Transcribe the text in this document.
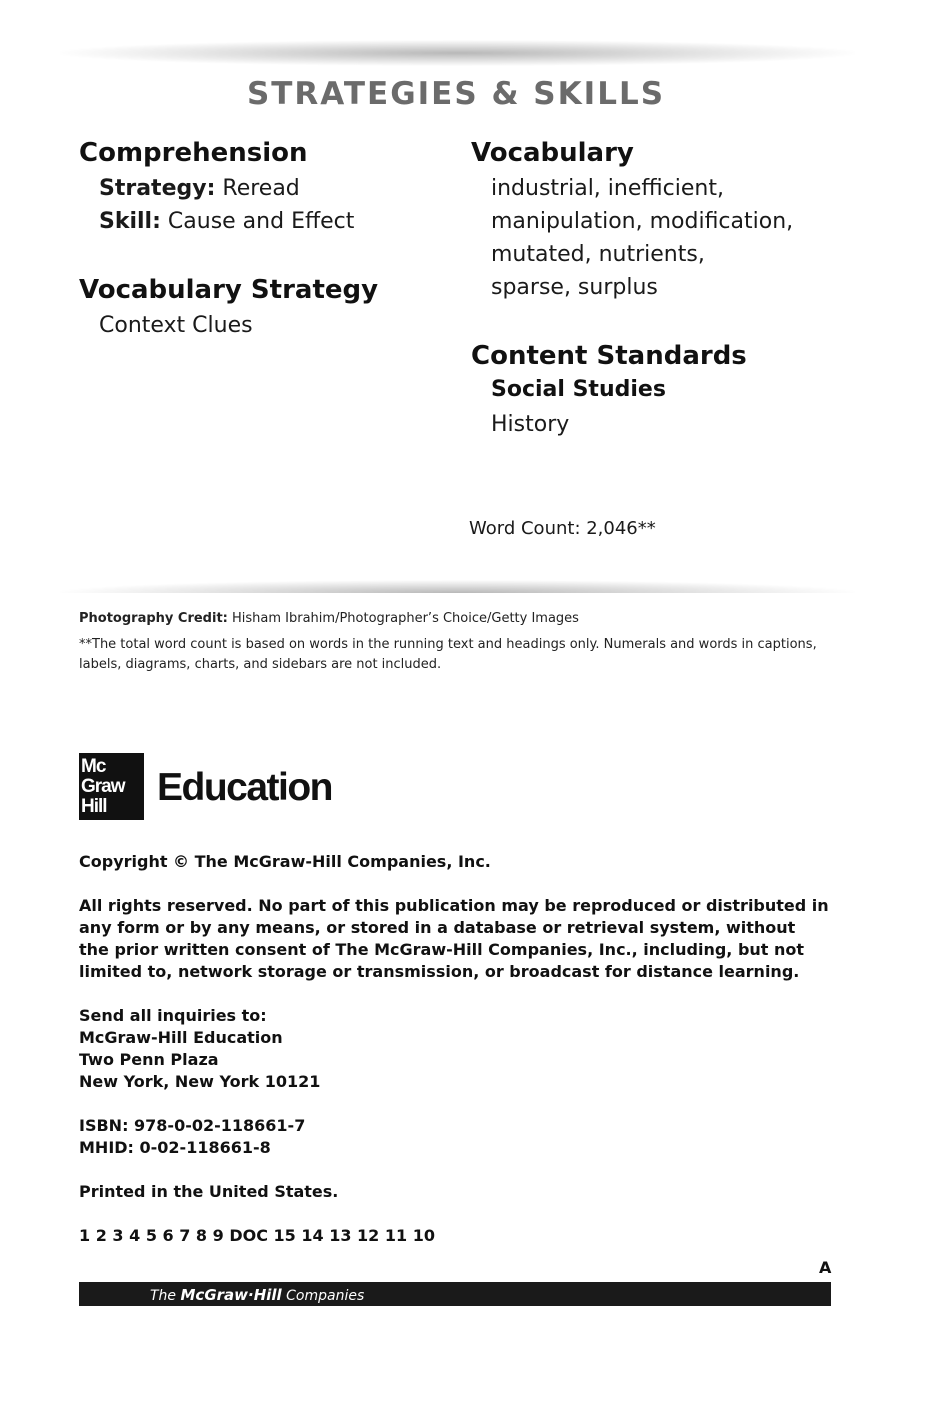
STRATEGIES & SKILLS
Comprehension
Strategy: Reread
Skill: Cause and Effect
Vocabulary Strategy
Context Clues
Vocabulary
industrial, inefficient,
manipulation, modification,
mutated, nutrients,
sparse, surplus
Content Standards
Social Studies
History
Word Count: 2,046**
Photography Credit: Hisham Ibrahim/Photographer’s Choice/Getty Images
**The total word count is based on words in the running text and headings only. Numerals and words in captions, labels, diagrams, charts, and sidebars are not included.
Mc
Graw
Hill	Education
Copyright © The McGraw-Hill Companies, Inc.
All rights reserved. No part of this publication may be reproduced or distributed in any form or by any means, or stored in a database or retrieval system, without the prior written consent of The McGraw-Hill Companies, Inc., including, but not limited to, network storage or transmission, or broadcast for distance learning.
Send all inquiries to:
McGraw-Hill Education
Two Penn Plaza
New York, New York 10121
ISBN: 978-0-02-118661-7
MHID: 0-02-118661-8
Printed in the United States.
1 2 3 4 5 6 7 8 9 DOC 15 14 13 12 11 10
A
The McGraw·Hill Companies
